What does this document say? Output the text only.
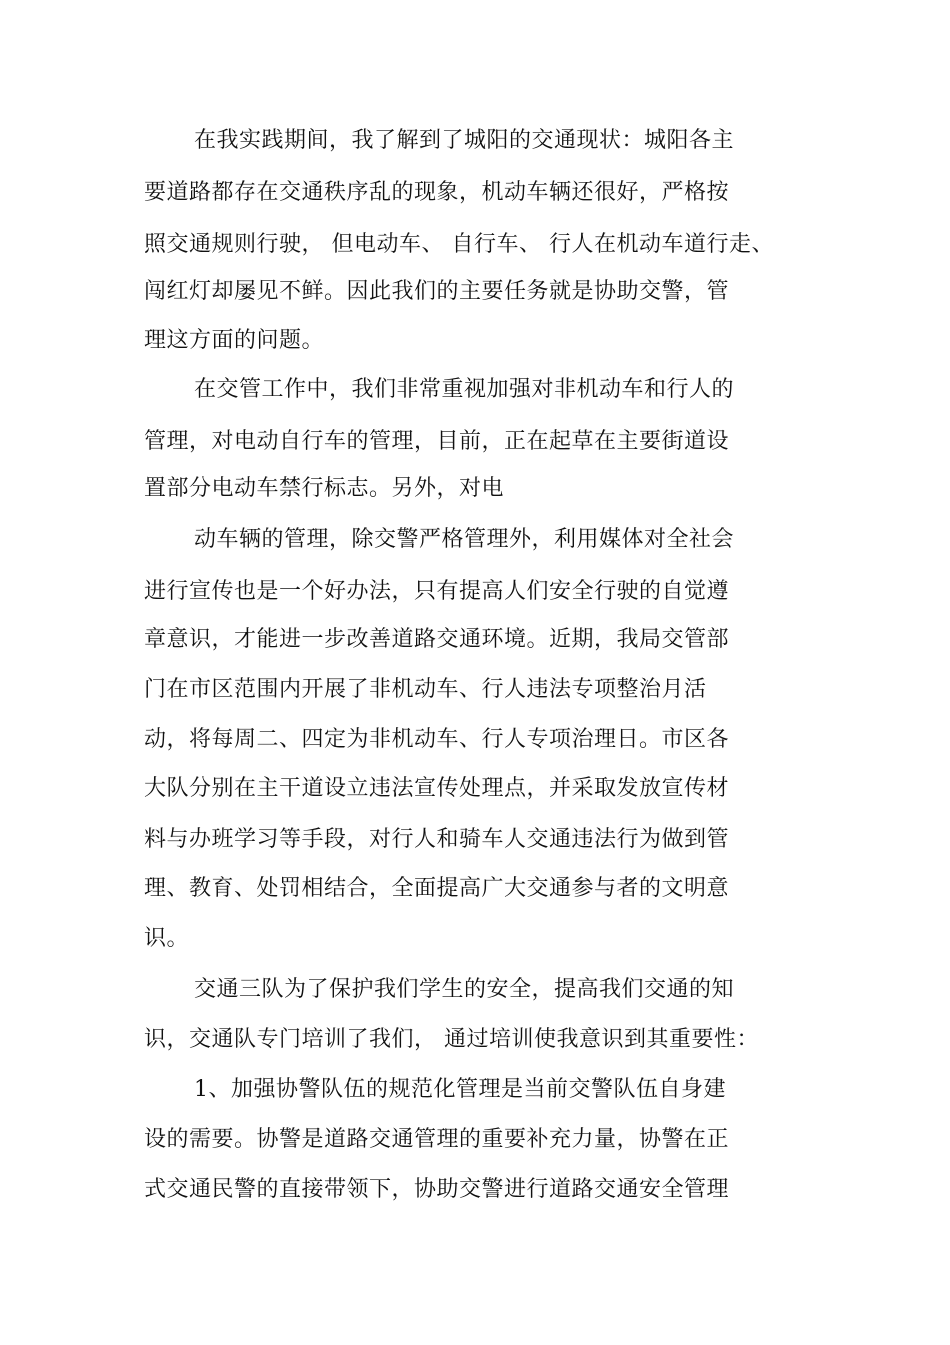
在我实践期间，我了解到了城阳的交通现状：城阳各主
要道路都存在交通秩序乱的现象，机动车辆还很好，严格按
照交通规则行驶， 但电动车、 自行车、 行人在机动车道行走、
闯红灯却屡见不鲜。因此我们的主要任务就是协助交警，管
理这方面的问题。
在交管工作中，我们非常重视加强对非机动车和行人的
管理，对电动自行车的管理，目前，正在起草在主要街道设
置部分电动车禁行标志。另外，对电
动车辆的管理，除交警严格管理外，利用媒体对全社会
进行宣传也是一个好办法，只有提高人们安全行驶的自觉遵
章意识，才能进一步改善道路交通环境。近期，我局交管部
门在市区范围内开展了非机动车、行人违法专项整治月活
动，将每周二、四定为非机动车、行人专项治理日。市区各
大队分别在主干道设立违法宣传处理点，并采取发放宣传材
料与办班学习等手段，对行人和骑车人交通违法行为做到管
理、教育、处罚相结合，全面提高广大交通参与者的文明意
识。
交通三队为了保护我们学生的安全，提高我们交通的知
识，交通队专门培训了我们， 通过培训使我意识到其重要性：
1、加强协警队伍的规范化管理是当前交警队伍自身建
设的需要。协警是道路交通管理的重要补充力量，协警在正
式交通民警的直接带领下，协助交警进行道路交通安全管理
